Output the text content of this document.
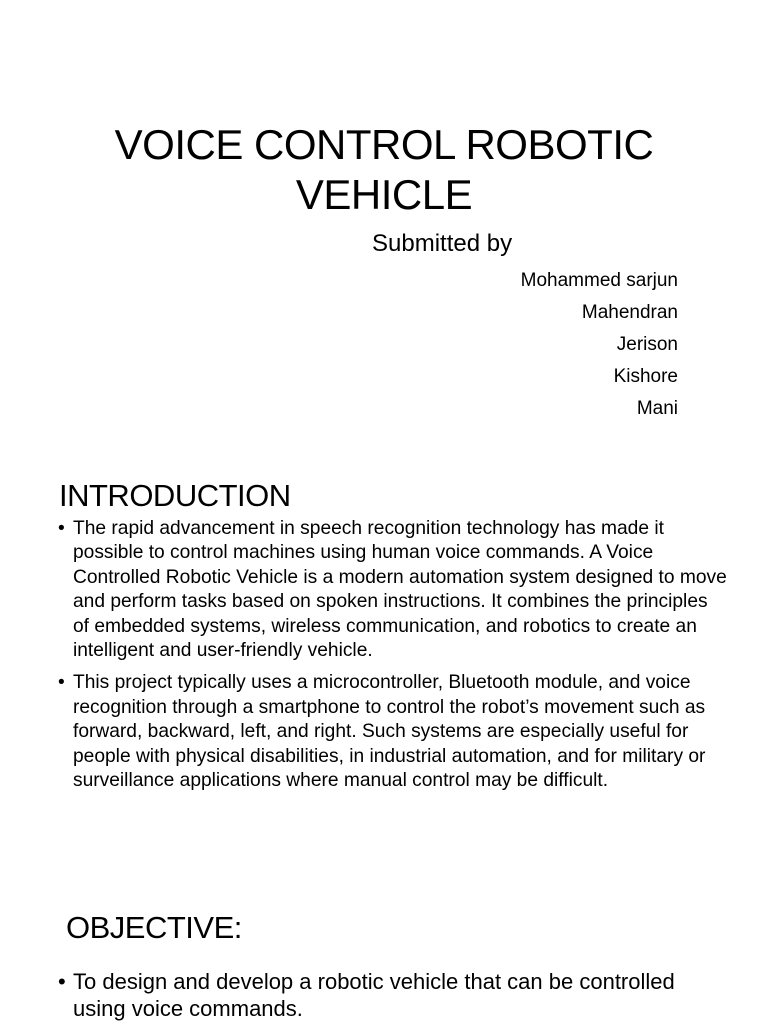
VOICE CONTROL ROBOTIC
VEHICLE

Submitted by

Mohammed sarjun
Mahendran
Jerison
Kishore
Mani
INTRODUCTION
• The rapid advancement in speech recognition technology has made it possible to control machines using human voice commands. A Voice Controlled Robotic Vehicle is a modern automation system designed to move and perform tasks based on spoken instructions. It combines the principles of embedded systems, wireless communication, and robotics to create an intelligent and user-friendly vehicle.
• This project typically uses a microcontroller, Bluetooth module, and voice recognition through a smartphone to control the robot’s movement such as forward, backward, left, and right. Such systems are especially useful for people with physical disabilities, in industrial automation, and for military or surveillance applications where manual control may be difficult.
OBJECTIVE:
• To design and develop a robotic vehicle that can be controlled using voice commands.
